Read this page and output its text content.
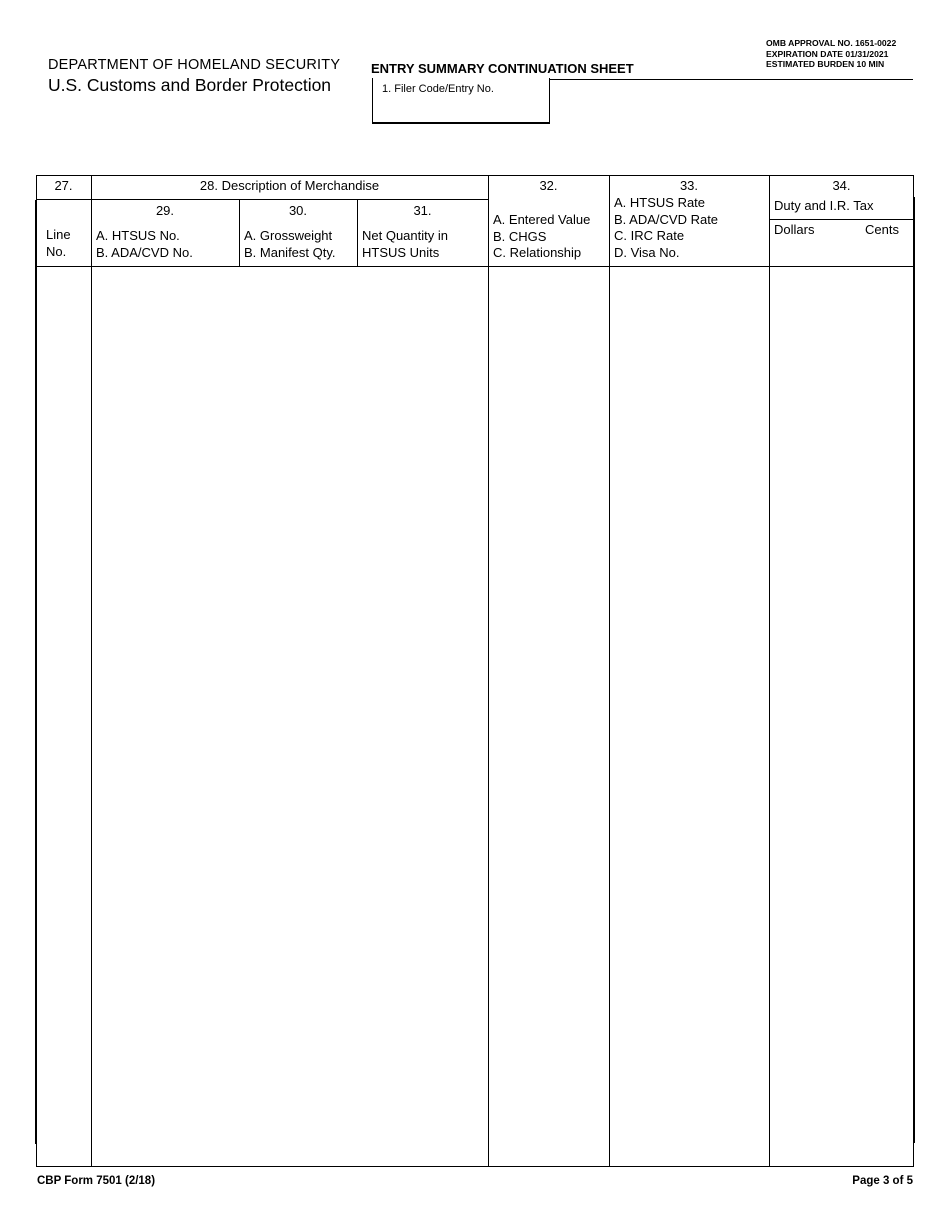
DEPARTMENT OF HOMELAND SECURITY
U.S. Customs and Border Protection
ENTRY SUMMARY CONTINUATION SHEET
OMB APPROVAL NO. 1651-0022
EXPIRATION DATE 01/31/2021
ESTIMATED BURDEN 10 MIN
1. Filer Code/Entry No.
27.
Line
No.
28. Description of Merchandise
29.
A. HTSUS No.
B. ADA/CVD No.
30.
A. Grossweight
B. Manifest Qty.
31.
Net Quantity in
HTSUS Units
32.
A. Entered Value
B. CHGS
C. Relationship
33.
A. HTSUS Rate
B. ADA/CVD Rate
C. IRC Rate
D. Visa No.
34.
Duty and I.R. Tax
Dollars	Cents
CBP Form 7501 (2/18)	Page 3 of 5
